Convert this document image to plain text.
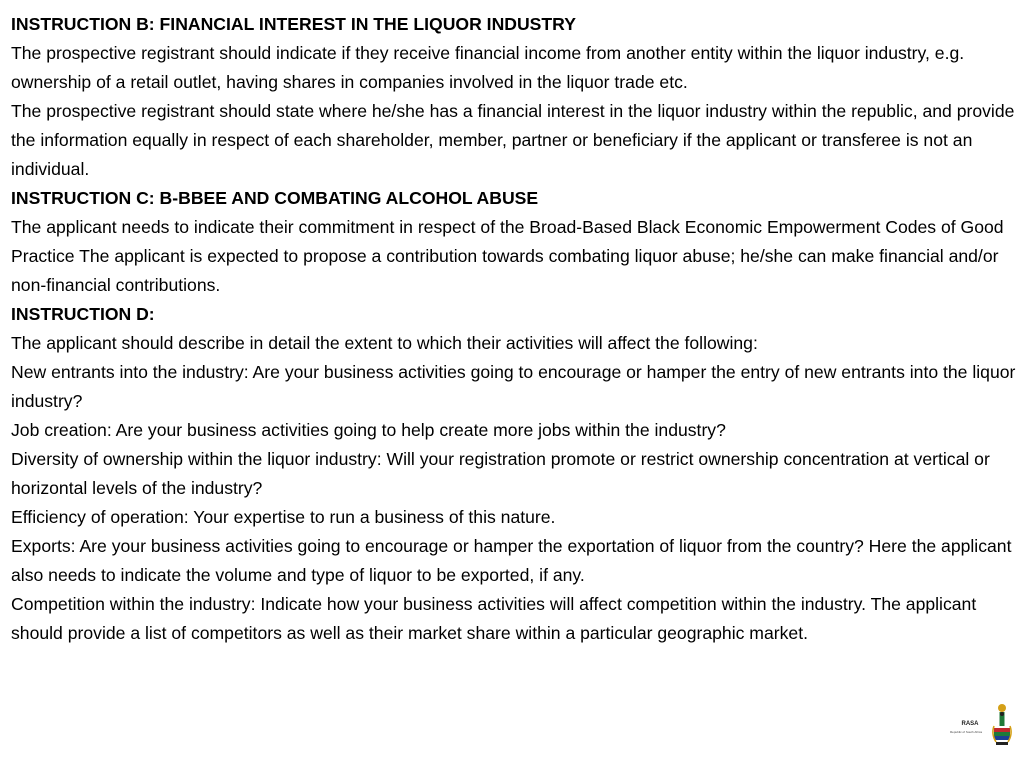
INSTRUCTION B: FINANCIAL INTEREST IN THE LIQUOR INDUSTRY

The prospective registrant should indicate if they receive financial income from another entity within the liquor industry, e.g. ownership of a retail outlet, having shares in companies involved in the liquor trade etc.

The prospective registrant should state where he/she has a financial interest in the liquor industry within the republic, and provide the information equally in respect of each shareholder, member, partner or beneficiary if the applicant or transferee is not an individual.

INSTRUCTION C: B-BBEE AND COMBATING ALCOHOL ABUSE

The applicant needs to indicate their commitment in respect of the Broad-Based Black Economic Empowerment Codes of Good Practice The applicant is expected to propose a contribution towards combating liquor abuse; he/she can make financial and/or non-financial contributions.

INSTRUCTION D:

The applicant should describe in detail the extent to which their activities will affect the following:

New entrants into the industry: Are your business activities going to encourage or hamper the entry of new entrants into the liquor industry?

Job creation: Are your business activities going to help create more jobs within the industry?

Diversity of ownership within the liquor industry: Will your registration promote or restrict ownership concentration at vertical or horizontal levels of the industry?

Efficiency of operation: Your expertise to run a business of this nature.

Exports: Are your business activities going to encourage or hamper the exportation of liquor from the country? Here the applicant also needs to indicate the volume and type of liquor to be exported, if any.

Competition within the industry: Indicate how your business activities will affect competition within the industry. The applicant should provide a list of competitors as well as their market share within a particular geographic market.

RASA
Republic of South Africa
